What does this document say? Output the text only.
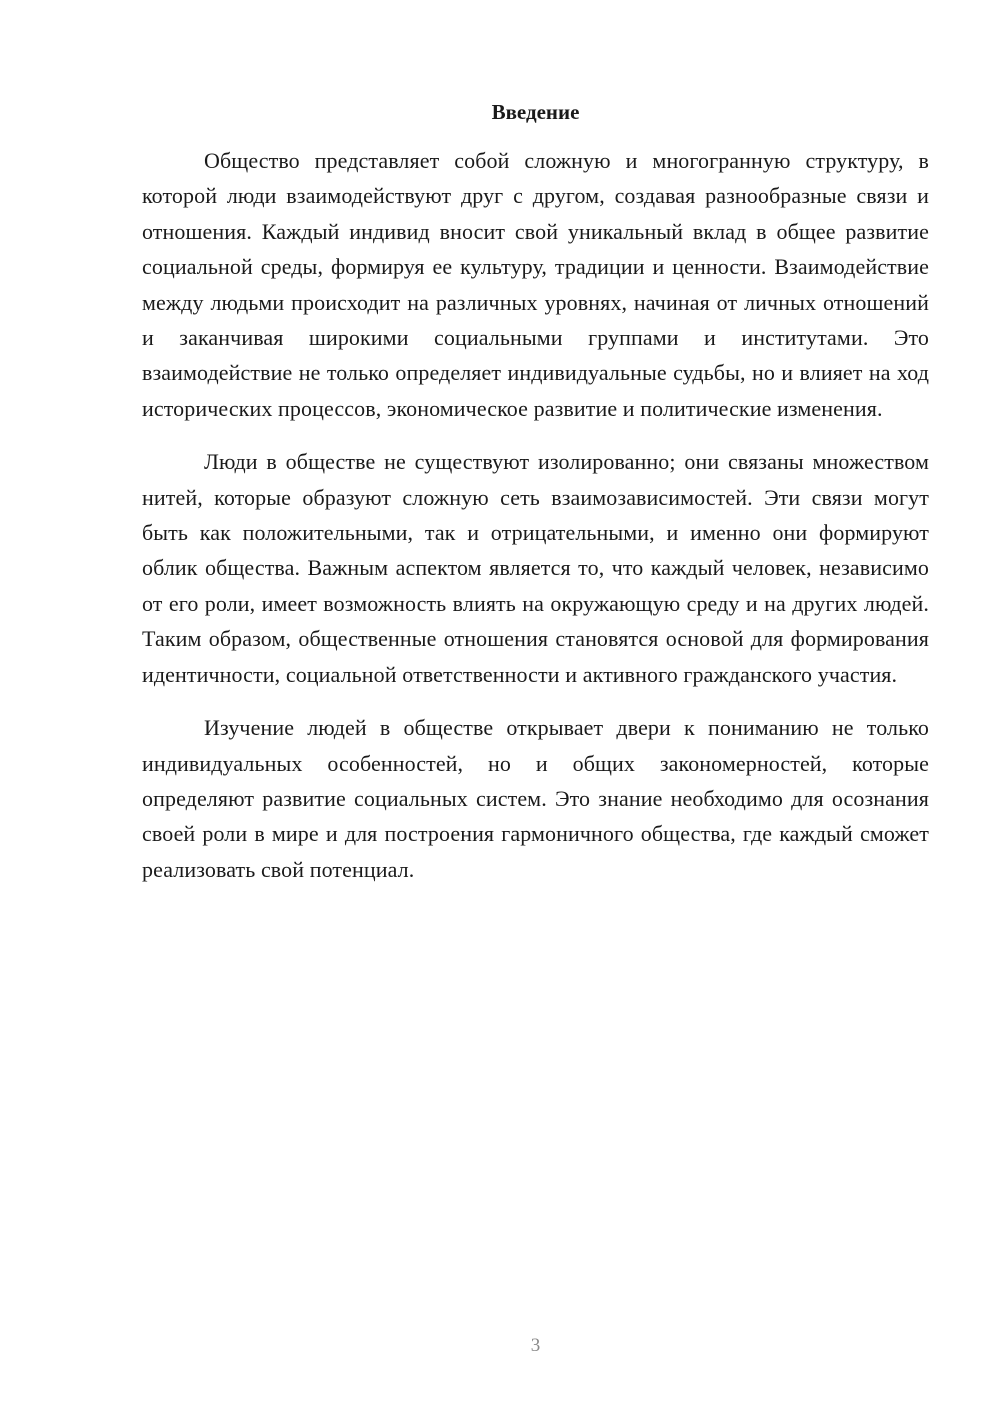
Введение

Общество представляет собой сложную и многогранную структуру, в которой люди взаимодействуют друг с другом, создавая разнообразные связи и отношения. Каждый индивид вносит свой уникальный вклад в общее развитие социальной среды, формируя ее культуру, традиции и ценности. Взаимодействие между людьми происходит на различных уровнях, начиная от личных отношений и заканчивая широкими социальными группами и институтами. Это взаимодействие не только определяет индивидуальные судьбы, но и влияет на ход исторических процессов, экономическое развитие и политические изменения.

Люди в обществе не существуют изолированно; они связаны множеством нитей, которые образуют сложную сеть взаимозависимостей. Эти связи могут быть как положительными, так и отрицательными, и именно они формируют облик общества. Важным аспектом является то, что каждый человек, независимо от его роли, имеет возможность влиять на окружающую среду и на других людей. Таким образом, общественные отношения становятся основой для формирования идентичности, социальной ответственности и активного гражданского участия.

Изучение людей в обществе открывает двери к пониманию не только индивидуальных особенностей, но и общих закономерностей, которые определяют развитие социальных систем. Это знание необходимо для осознания своей роли в мире и для построения гармоничного общества, где каждый сможет реализовать свой потенциал.

3
